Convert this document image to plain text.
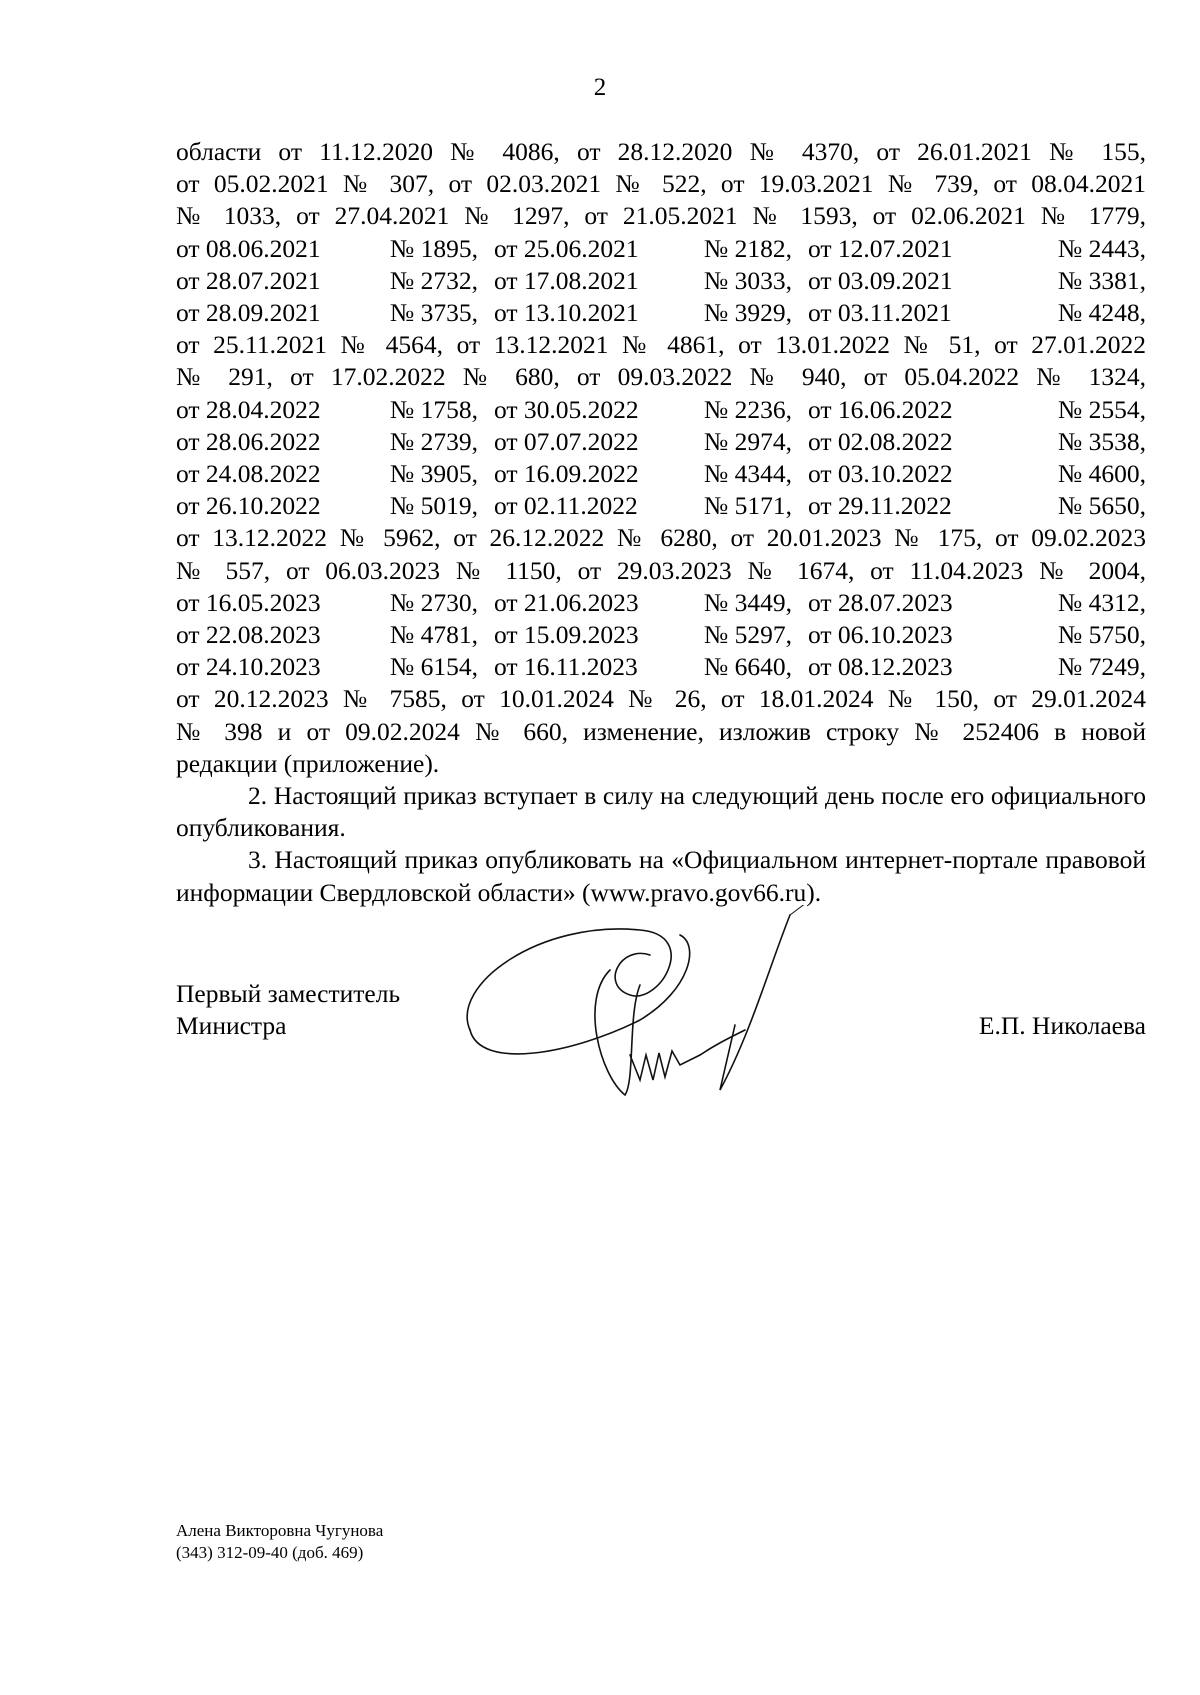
2
области от 11.12.2020 № 4086, от 28.12.2020 № 4370, от 26.01.2021 № 155,
от 05.02.2021 № 307, от 02.03.2021 № 522, от 19.03.2021 № 739, от 08.04.2021
№ 1033, от 27.04.2021 № 1297, от 21.05.2021 № 1593, от 02.06.2021 № 1779,
от 08.06.2021	№ 1895, от 25.06.2021	№ 2182, от 12.07.2021	№ 2443,
от 28.07.2021	№ 2732, от 17.08.2021	№ 3033, от 03.09.2021	№ 3381,
от 28.09.2021	№ 3735, от 13.10.2021	№ 3929, от 03.11.2021	№ 4248,
от 25.11.2021 № 4564, от 13.12.2021 № 4861, от 13.01.2022 № 51, от 27.01.2022
№ 291, от 17.02.2022 № 680, от 09.03.2022 № 940, от 05.04.2022 № 1324,
от 28.04.2022	№ 1758, от 30.05.2022	№ 2236, от 16.06.2022	№ 2554,
от 28.06.2022	№ 2739, от 07.07.2022	№ 2974, от 02.08.2022	№ 3538,
от 24.08.2022	№ 3905, от 16.09.2022	№ 4344, от 03.10.2022	№ 4600,
от 26.10.2022	№ 5019, от 02.11.2022	№ 5171, от 29.11.2022	№ 5650,
от 13.12.2022 № 5962, от 26.12.2022 № 6280, от 20.01.2023 № 175, от 09.02.2023
№ 557, от 06.03.2023 № 1150, от 29.03.2023 № 1674, от 11.04.2023 № 2004,
от 16.05.2023	№ 2730, от 21.06.2023	№ 3449, от 28.07.2023	№ 4312,
от 22.08.2023	№ 4781, от 15.09.2023	№ 5297, от 06.10.2023	№ 5750,
от 24.10.2023	№ 6154, от 16.11.2023	№ 6640, от 08.12.2023	№ 7249,
от 20.12.2023 № 7585, от 10.01.2024 № 26, от 18.01.2024 № 150, от 29.01.2024
№ 398 и от 09.02.2024 № 660, изменение, изложив строку № 252406 в новой
редакции (приложение).
2. Настоящий приказ вступает в силу на следующий день после его официального опубликования.
3. Настоящий приказ опубликовать на «Официальном интернет-портале правовой информации Свердловской области» (www.pravo.gov66.ru).
Первый заместитель
Министра	Е.П. Николаева
Алена Викторовна Чугунова
(343) 312-09-40 (доб. 469)
